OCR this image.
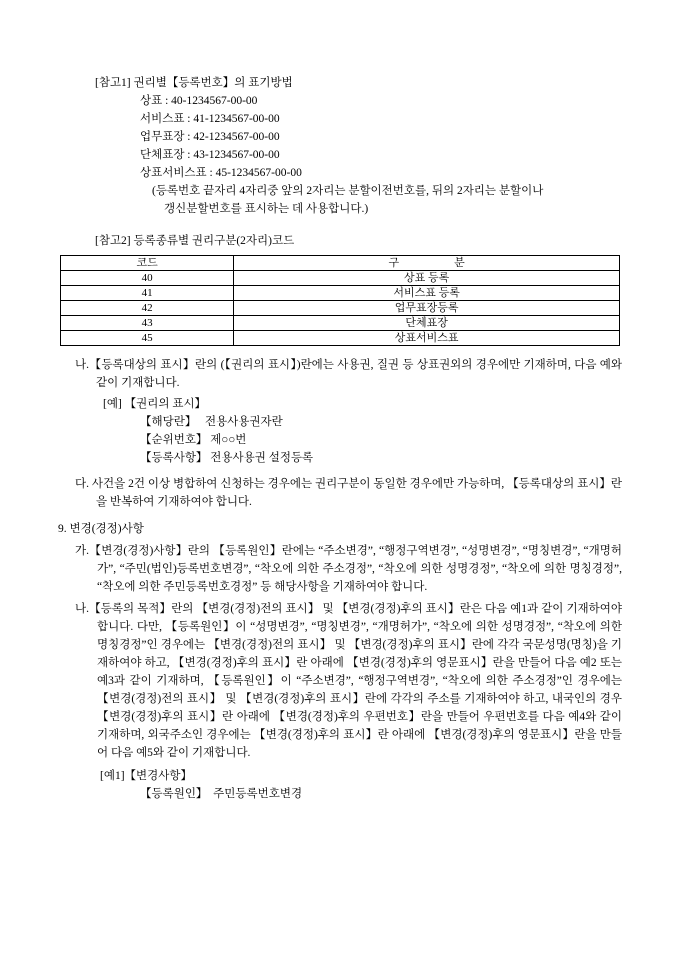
[참고1] 권리별【등록번호】의 표기방법
상표 : 40-1234567-00-00
서비스표 : 41-1234567-00-00
업무표장 : 42-1234567-00-00
단체표장 : 43-1234567-00-00
상표서비스표 : 45-1234567-00-00
(등록번호 끝자리 4자리중 앞의 2자리는 분할이전번호를, 뒤의 2자리는 분할이나
갱신분할번호를 표시하는 데 사용합니다.)
[참고2] 등록종류별 권리구분(2자리)코드
코드	구　　　　　분
40	상표 등록
41	서비스표 등록
42	업무표장등록
43	단체표장
45	상표서비스표

나.【등록대상의 표시】란의 (【권리의 표시】)란에는 사용권, 질권 등 상표권외의 경우에만 기재하며, 다음 예와 같이 기재합니다.

[예] 【권리의 표시】
【해당란】　 전용사용권자란
【순위번호】 제○○번
【등록사항】 전용사용권 설정등록

다. 사건을 2건 이상 병합하여 신청하는 경우에는 권리구분이 동일한 경우에만 가능하며, 【등록대상의 표시】란을 반복하여 기재하여야 합니다.

9. 변경(경정)사항

가.【변경(경정)사항】란의 【등록원인】란에는 “주소변경”, “행정구역변경”, “성명변경”, “명칭변경”, “개명허가”, “주민(법인)등록번호변경”, “착오에 의한 주소경정”, “착오에 의한 성명경정”, “착오에 의한 명칭경정”, “착오에 의한 주민등록번호경정” 등 해당사항을 기재하여야 합니다.

나.【등록의 목적】란의 【변경(경정)전의 표시】 및 【변경(경정)후의 표시】란은 다음 예1과 같이 기재하여야 합니다. 다만, 【등록원인】이 “성명변경”, “명칭변경”, “개명허가”, “착오에 의한 성명경정”, “착오에 의한 명칭경정”인 경우에는 【변경(경정)전의 표시】 및 【변경(경정)후의 표시】란에 각각 국문성명(명칭)을 기재하여야 하고, 【변경(경정)후의 표시】란 아래에 【변경(경정)후의 영문표시】란을 만들어 다음 예2 또는 예3과 같이 기재하며, 【등록원인】이 “주소변경”, “행정구역변경”, “착오에 의한 주소경정”인 경우에는 【변경(경정)전의 표시】 및 【변경(경정)후의 표시】란에 각각의 주소를 기재하여야 하고, 내국인의 경우 【변경(경정)후의 표시】란 아래에 【변경(경정)후의 우편번호】란을 만들어 우편번호를 다음 예4와 같이 기재하며, 외국주소인 경우에는 【변경(경정)후의 표시】란 아래에 【변경(경정)후의 영문표시】란을 만들어 다음 예5와 같이 기재합니다.

[예1]【변경사항】
【등록원인】  주민등록번호변경
